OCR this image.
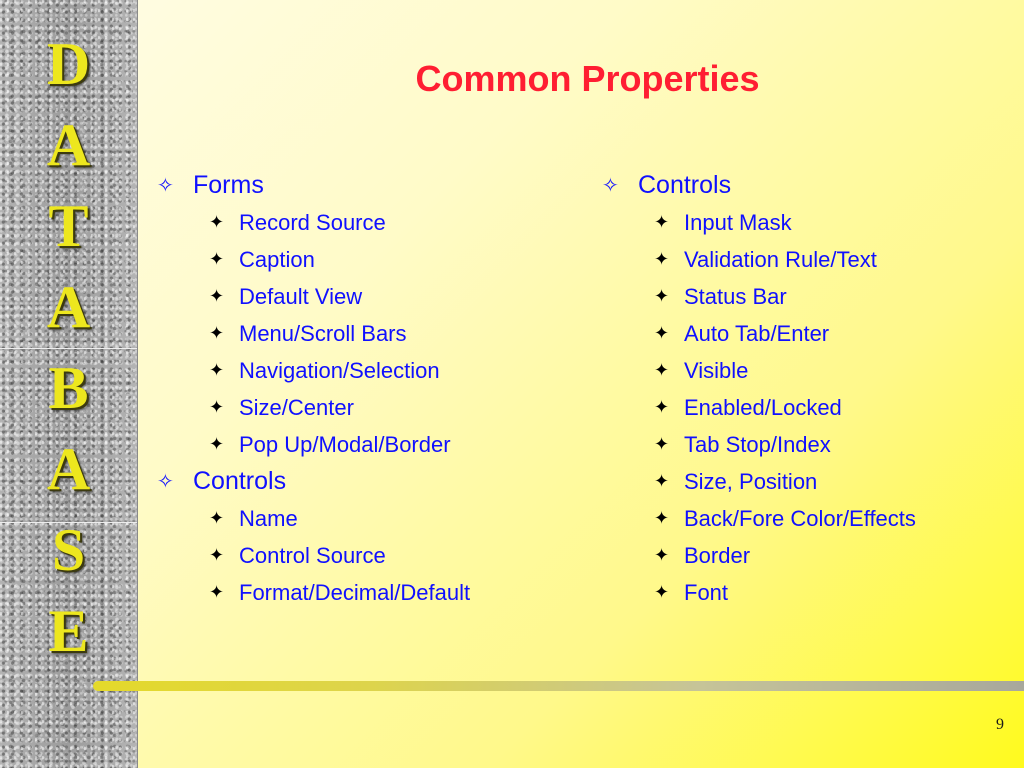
D
A
T
A
B
A
S
E
Common Properties
✧ Forms
✦ Record Source
✦ Caption
✦ Default View
✦ Menu/Scroll Bars
✦ Navigation/Selection
✦ Size/Center
✦ Pop Up/Modal/Border
✧ Controls
✦ Name
✦ Control Source
✦ Format/Decimal/Default
✧ Controls
✦ Input Mask
✦ Validation Rule/Text
✦ Status Bar
✦ Auto Tab/Enter
✦ Visible
✦ Enabled/Locked
✦ Tab Stop/Index
✦ Size, Position
✦ Back/Fore Color/Effects
✦ Border
✦ Font
9
